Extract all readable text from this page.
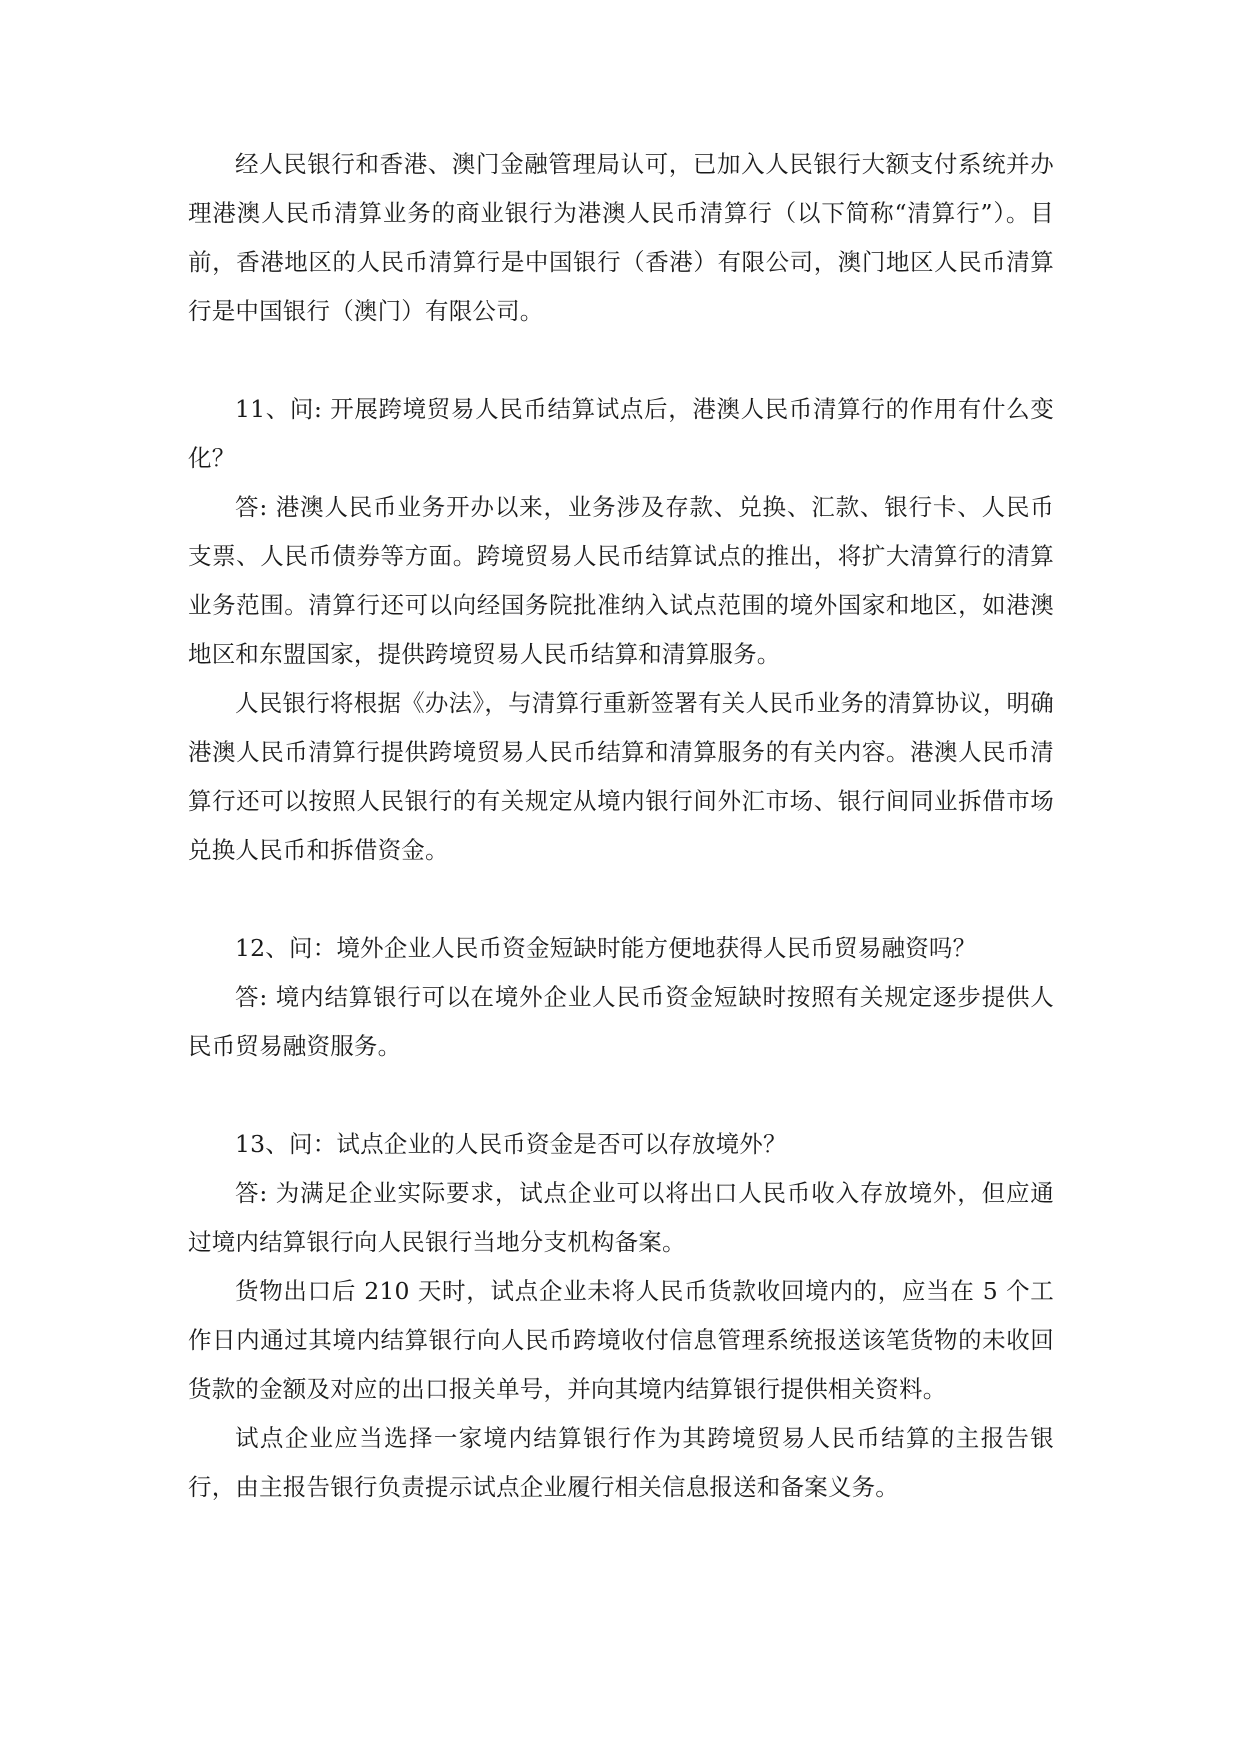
经人民银行和香港、澳门金融管理局认可，已加入人民银行大额支付系统并办理港澳人民币清算业务的商业银行为港澳人民币清算行（以下简称“清算行”）。目前，香港地区的人民币清算行是中国银行（香港）有限公司，澳门地区人民币清算行是中国银行（澳门）有限公司。

11、问: 开展跨境贸易人民币结算试点后，港澳人民币清算行的作用有什么变化？

答: 港澳人民币业务开办以来，业务涉及存款、兑换、汇款、银行卡、人民币支票、人民币债券等方面。跨境贸易人民币结算试点的推出，将扩大清算行的清算业务范围。清算行还可以向经国务院批准纳入试点范围的境外国家和地区，如港澳地区和东盟国家，提供跨境贸易人民币结算和清算服务。

人民银行将根据《办法》，与清算行重新签署有关人民币业务的清算协议，明确港澳人民币清算行提供跨境贸易人民币结算和清算服务的有关内容。港澳人民币清算行还可以按照人民银行的有关规定从境内银行间外汇市场、银行间同业拆借市场兑换人民币和拆借资金。

12、问：境外企业人民币资金短缺时能方便地获得人民币贸易融资吗？

答: 境内结算银行可以在境外企业人民币资金短缺时按照有关规定逐步提供人民币贸易融资服务。

13、问：试点企业的人民币资金是否可以存放境外？

答: 为满足企业实际要求，试点企业可以将出口人民币收入存放境外，但应通过境内结算银行向人民银行当地分支机构备案。

货物出口后 210 天时，试点企业未将人民币货款收回境内的，应当在 5 个工作日内通过其境内结算银行向人民币跨境收付信息管理系统报送该笔货物的未收回货款的金额及对应的出口报关单号，并向其境内结算银行提供相关资料。

试点企业应当选择一家境内结算银行作为其跨境贸易人民币结算的主报告银行，由主报告银行负责提示试点企业履行相关信息报送和备案义务。
